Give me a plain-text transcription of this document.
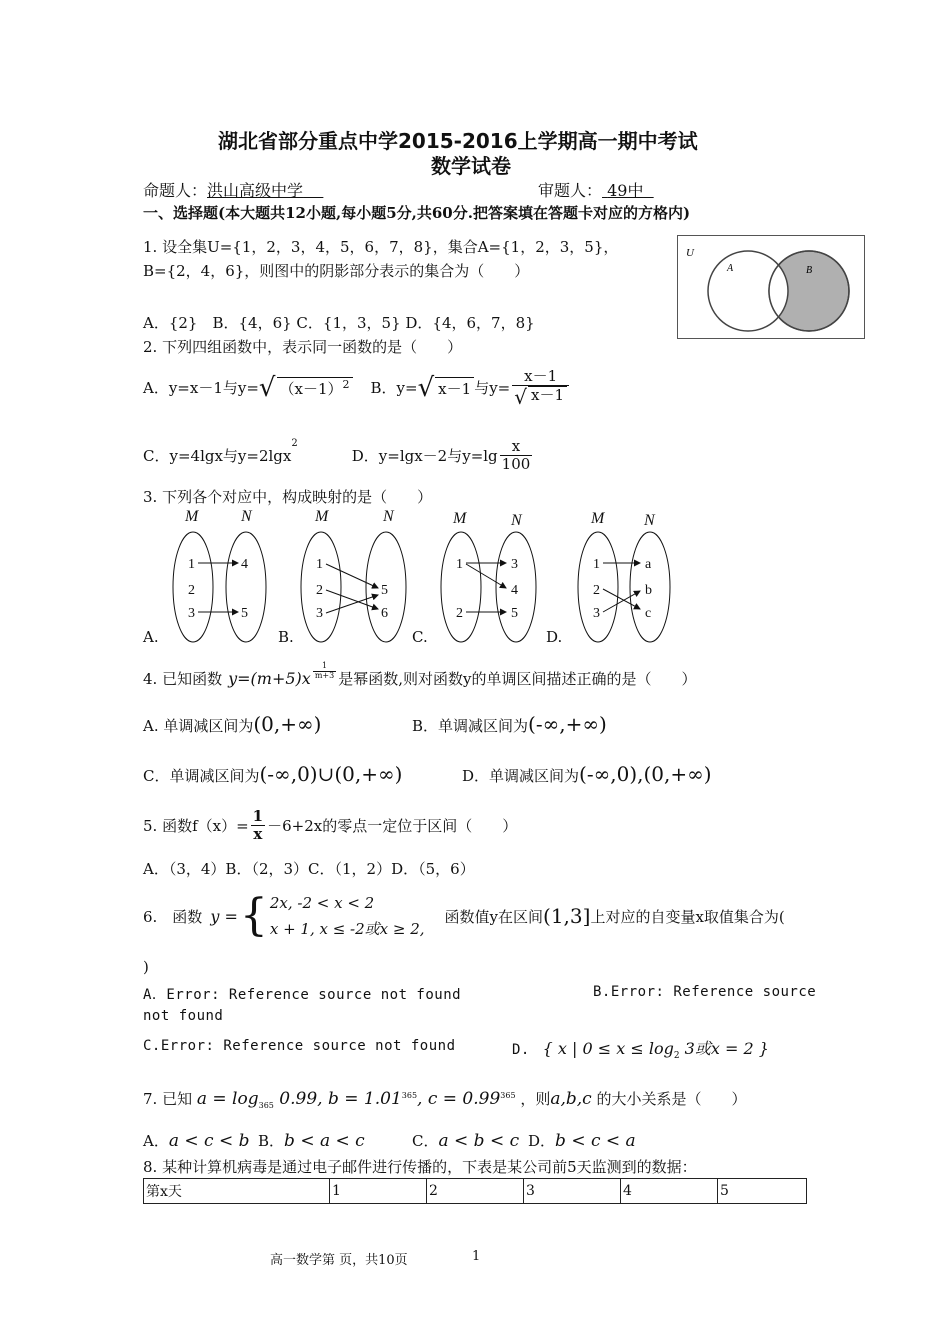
湖北省部分重点中学2015-2016上学期高一期中考试
数学试卷
命题人：洪山高级中学	审题人： 49中
一、选择题(本大题共12小题,每小题5分,共60分.把答案填在答题卡对应的方格内)
1. 设全集U={1，2，3，4，5，6，7，8}，集合A={1，2，3，5}，
B={2，4，6}，则图中的阴影部分表示的集合为（　　）
A．{2}　B．{4，6} C．{1，3，5} D．{4，6，7，8}
U
A	B
2. 下列四组函数中，表示同一函数的是（　　）
A．y=x－1与y= √ $(x-1)^2$ B．y= √ x－1 与$y= \frac{x-1}{√ x-1}$
C．y=4lgx与y=2lgx
$^2$
D．y=lgx－2与$y=\lg \frac{x}{100}$
3. 下列各个对应中，构成映射的是（　　）
M	N
1
2
3
4
5
M	N
1
2
3
5
6
M	N
1
2
3
4
5
M N
1
2
3
a
b
c
A.	B.	C.	D.
4. 已知函数 $y=(m+5)x \frac{1}{m+3}$ 是幂函数,则对函数y的单调区间描述正确的是（　　）
A. 单调减区间为(0,+∞)	B．单调减区间为(-∞,+∞)
C．单调减区间为(-∞,0)∪(0,+∞)	D．单调减区间为(-∞,0),(0,+∞)
5. 函数$f(x)= \frac{1}{x} -6+2x$的零点一定位于区间（　　）
A．（3，4）B．（2，3）C．（1，2）D．（5，6）
6.　函数 y = { 2x, -2 < x < 2
x + 1, x ≤ -2或x ≥ 2,
函数值y在区间 (1,3] 上对应的自变量x取值集合为(
)
A．Error: Reference source not found	B.Error: Reference source
not found
C.Error: Reference source not found	D. { x | $0 \le x \le \log_2 3$或x = 2 }
7. 已知 $a = \log_{365} 0.99$, $b = 1.01^{365}$, $c = 0.99^{365}$ ，则a,b,c 的大小关系是（　　）
A．a < c < b B．b < a < c	C．a < b < c D．b < c < a
8. 某种计算机病毒是通过电子邮件进行传播的，下表是某公司前5天监测到的数据：
第x天	1	2	3	4	5
高一数学第 页，共10页	1
